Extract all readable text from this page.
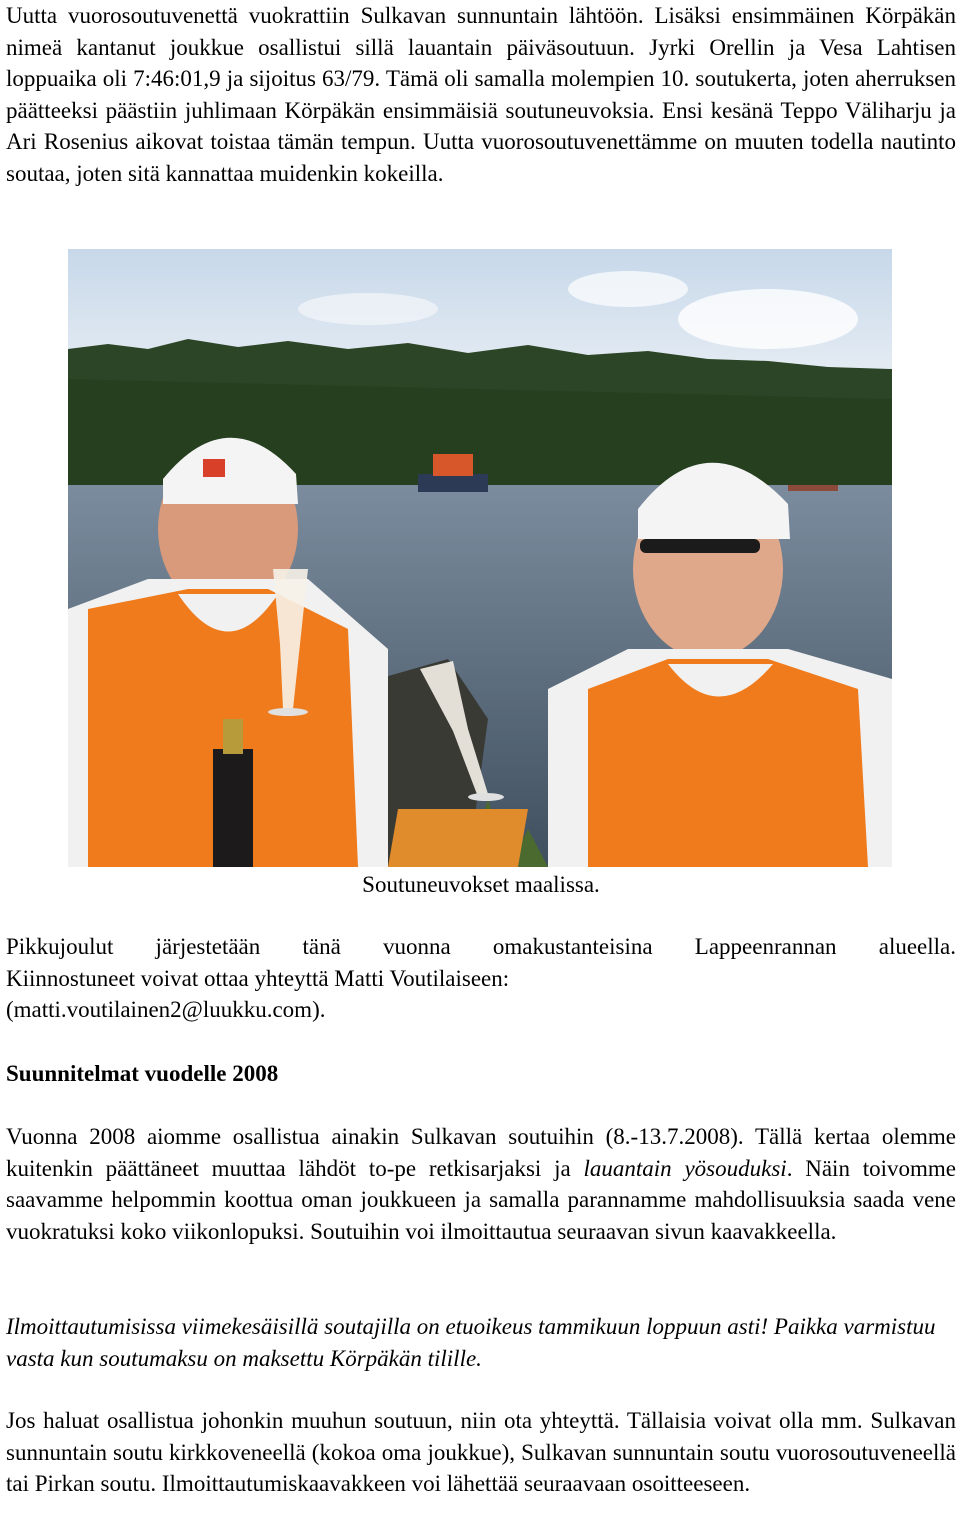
Uutta vuorosoutuvenettä vuokrattiin Sulkavan sunnuntain lähtöön. Lisäksi ensimmäinen Körpäkän nimeä kantanut joukkue osallistui sillä lauantain päiväsoutuun. Jyrki Orellin ja Vesa Lahtisen loppuaika oli 7:46:01,9 ja sijoitus 63/79. Tämä oli samalla molempien 10. soutukerta, joten aherruksen päätteeksi päästiin juhlimaan Körpäkän ensimmäisiä soutuneuvoksia. Ensi kesänä Teppo Väliharju ja Ari Rosenius aikovat toistaa tämän tempun. Uutta vuorosoutuvenettämme on muuten todella nautinto soutaa, joten sitä kannattaa muidenkin kokeilla.

Soutuneuvokset maalissa.

Pikkujoulut järjestetään tänä vuonna omakustanteisina Lappeenrannan alueella.

Kiinnostuneet voivat ottaa yhteyttä Matti Voutilaiseen:

(matti.voutilainen2@luukku.com).

Suunnitelmat vuodelle 2008

Vuonna 2008 aiomme osallistua ainakin Sulkavan soutuihin (8.-13.7.2008). Tällä kertaa olemme kuitenkin päättäneet muuttaa lähdöt to-pe retkisarjaksi ja lauantain yösouduksi. Näin toivomme saavamme helpommin koottua oman joukkueen ja samalla parannamme mahdollisuuksia saada vene vuokratuksi koko viikonlopuksi. Soutuihin voi ilmoittautua seuraavan sivun kaavakkeella.

Ilmoittautumisissa viimekesäisillä soutajilla on etuoikeus tammikuun loppuun asti! Paikka varmistuu vasta kun soutumaksu on maksettu Körpäkän tilille.

Jos haluat osallistua johonkin muuhun soutuun, niin ota yhteyttä. Tällaisia voivat olla mm. Sulkavan sunnuntain soutu kirkkoveneellä (kokoa oma joukkue), Sulkavan sunnuntain soutu vuorosoutuveneellä tai Pirkan soutu. Ilmoittautumiskaavakkeen voi lähettää seuraavaan osoitteeseen.
